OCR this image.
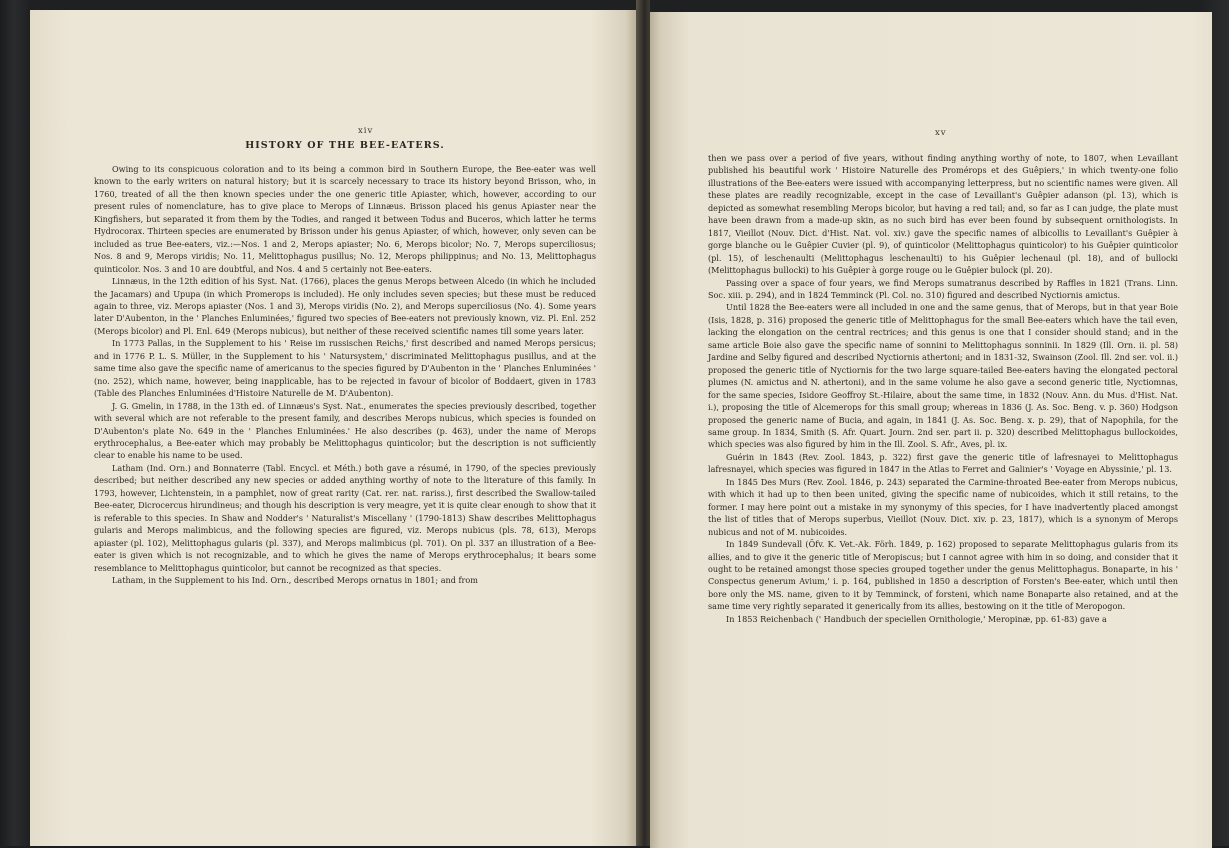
xiv
HISTORY OF THE BEE-EATERS.

Owing to its conspicuous coloration and to its being a common bird in Southern Europe, the Bee-eater was well known to the early writers on natural history; but it is scarcely necessary to trace its history beyond Brisson, who, in 1760, treated of all the then known species under the one generic title Apiaster, which, however, according to our present rules of nomenclature, has to give place to Merops of Linnæus. Brisson placed his genus Apiaster near the Kingfishers, but separated it from them by the Todies, and ranged it between Todus and Buceros, which latter he terms Hydrocorax. Thirteen species are enumerated by Brisson under his genus Apiaster, of which, however, only seven can be included as true Bee-eaters, viz.:—Nos. 1 and 2, Merops apiaster; No. 6, Merops bicolor; No. 7, Merops superciliosus; Nos. 8 and 9, Merops viridis; No. 11, Melittophagus pusillus; No. 12, Merops philippinus; and No. 13, Melittophagus quinticolor. Nos. 3 and 10 are doubtful, and Nos. 4 and 5 certainly not Bee-eaters.

Linnæus, in the 12th edition of his Syst. Nat. (1766), places the genus Merops between Alcedo (in which he included the Jacamars) and Upupa (in which Promerops is included). He only includes seven species; but these must be reduced again to three, viz. Merops apiaster (Nos. 1 and 3), Merops viridis (No. 2), and Merops superciliosus (No. 4). Some years later D'Aubenton, in the ' Planches Enluminées,' figured two species of Bee-eaters not previously known, viz. Pl. Enl. 252 (Merops bicolor) and Pl. Enl. 649 (Merops nubicus), but neither of these received scientific names till some years later.

In 1773 Pallas, in the Supplement to his ' Reise im russischen Reichs,' first described and named Merops persicus; and in 1776 P. L. S. Müller, in the Supplement to his ' Natursystem,' discriminated Melittophagus pusillus, and at the same time also gave the specific name of americanus to the species figured by D'Aubenton in the ' Planches Enluminées ' (no. 252), which name, however, being inapplicable, has to be rejected in favour of bicolor of Boddaert, given in 1783 (Table des Planches Enluminées d'Histoire Naturelle de M. D'Aubenton).

J. G. Gmelin, in 1788, in the 13th ed. of Linnæus's Syst. Nat., enumerates the species previously described, together with several which are not referable to the present family, and describes Merops nubicus, which species is founded on D'Aubenton's plate No. 649 in the ' Planches Enluminées.' He also describes (p. 463), under the name of Merops erythrocephalus, a Bee-eater which may probably be Melittophagus quinticolor; but the description is not sufficiently clear to enable his name to be used.

Latham (Ind. Orn.) and Bonnaterre (Tabl. Encycl. et Méth.) both gave a résumé, in 1790, of the species previously described; but neither described any new species or added anything worthy of note to the literature of this family. In 1793, however, Lichtenstein, in a pamphlet, now of great rarity (Cat. rer. nat. rariss.), first described the Swallow-tailed Bee-eater, Dicrocercus hirundineus; and though his description is very meagre, yet it is quite clear enough to show that it is referable to this species. In Shaw and Nodder's ' Naturalist's Miscellany ' (1790-1813) Shaw describes Melittophagus gularis and Merops malimbicus, and the following species are figured, viz. Merops nubicus (pls. 78, 613), Merops apiaster (pl. 102), Melittophagus gularis (pl. 337), and Merops malimbicus (pl. 701). On pl. 337 an illustration of a Bee-eater is given which is not recognizable, and to which he gives the name of Merops erythrocephalus; it bears some resemblance to Melittophagus quinticolor, but cannot be recognized as that species.

Latham, in the Supplement to his Ind. Orn., described Merops ornatus in 1801; and from

xv

then we pass over a period of five years, without finding anything worthy of note, to 1807, when Levaillant published his beautiful work ' Histoire Naturelle des Promérops et des Guêpiers,' in which twenty-one folio illustrations of the Bee-eaters were issued with accompanying letterpress, but no scientific names were given. All these plates are readily recognizable, except in the case of Levaillant's Guêpier adanson (pl. 13), which is depicted as somewhat resembling Merops bicolor, but having a red tail; and, so far as I can judge, the plate must have been drawn from a made-up skin, as no such bird has ever been found by subsequent ornithologists. In 1817, Vieillot (Nouv. Dict. d'Hist. Nat. vol. xiv.) gave the specific names of albicollis to Levaillant's Guêpier à gorge blanche ou le Guêpier Cuvier (pl. 9), of quinticolor (Melittophagus quinticolor) to his Guêpier quinticolor (pl. 15), of leschenaulti (Melittophagus leschenaulti) to his Guêpier lechenaul (pl. 18), and of bullocki (Melittophagus bullocki) to his Guêpier à gorge rouge ou le Guêpier bulock (pl. 20).

Passing over a space of four years, we find Merops sumatranus described by Raffles in 1821 (Trans. Linn. Soc. xiii. p. 294), and in 1824 Temminck (Pl. Col. no. 310) figured and described Nyctiornis amictus.

Until 1828 the Bee-eaters were all included in one and the same genus, that of Merops, but in that year Boie (Isis, 1828, p. 316) proposed the generic title of Melittophagus for the small Bee-eaters which have the tail even, lacking the elongation on the central rectrices; and this genus is one that I consider should stand; and in the same article Boie also gave the specific name of sonnini to Melittophagus sonninii. In 1829 (Ill. Orn. ii. pl. 58) Jardine and Selby figured and described Nyctiornis athertoni; and in 1831-32, Swainson (Zool. Ill. 2nd ser. vol. ii.) proposed the generic title of Nyctiornis for the two large square-tailed Bee-eaters having the elongated pectoral plumes (N. amictus and N. athertoni), and in the same volume he also gave a second generic title, Nyctiomnas, for the same species, Isidore Geoffroy St.-Hilaire, about the same time, in 1832 (Nouv. Ann. du Mus. d'Hist. Nat. i.), proposing the title of Alcemerops for this small group; whereas in 1836 (J. As. Soc. Beng. v. p. 360) Hodgson proposed the generic name of Bucia, and again, in 1841 (J. As. Soc. Beng. x. p. 29), that of Napophila, for the same group. In 1834, Smith (S. Afr. Quart. Journ. 2nd ser. part ii. p. 320) described Melittophagus bullockoides, which species was also figured by him in the Ill. Zool. S. Afr., Aves, pl. ix.

Guérin in 1843 (Rev. Zool. 1843, p. 322) first gave the generic title of lafresnayei to Melittophagus lafresnayei, which species was figured in 1847 in the Atlas to Ferret and Galinier's ' Voyage en Abyssinie,' pl. 13.

In 1845 Des Murs (Rev. Zool. 1846, p. 243) separated the Carmine-throated Bee-eater from Merops nubicus, with which it had up to then been united, giving the specific name of nubicoides, which it still retains, to the former. I may here point out a mistake in my synonymy of this species, for I have inadvertently placed amongst the list of titles that of Merops superbus, Vieillot (Nouv. Dict. xiv. p. 23, 1817), which is a synonym of Merops nubicus and not of M. nubicoides.

In 1849 Sundevall (Öfv. K. Vet.-Ak. Förh. 1849, p. 162) proposed to separate Melittophagus gularis from its allies, and to give it the generic title of Meropiscus; but I cannot agree with him in so doing, and consider that it ought to be retained amongst those species grouped together under the genus Melittophagus. Bonaparte, in his ' Conspectus generum Avium,' i. p. 164, published in 1850 a description of Forsten's Bee-eater, which until then bore only the MS. name, given to it by Temminck, of forsteni, which name Bonaparte also retained, and at the same time very rightly separated it generically from its allies, bestowing on it the title of Meropogon.

In 1853 Reichenbach (' Handbuch der speciellen Ornithologie,' Meropinæ, pp. 61-83) gave a
